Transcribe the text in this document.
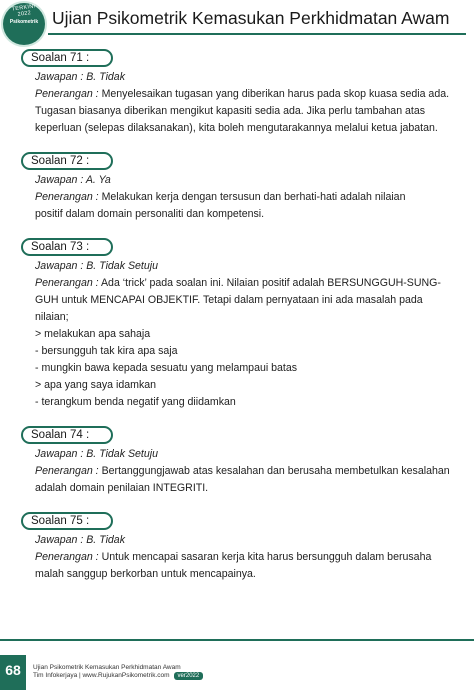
TERKINI 2022
Psikometrik Ujian Psikometrik Kemasukan Perkhidmatan Awam
Soalan 71 :
Jawapan : B. Tidak
Penerangan : Menyelesaikan tugasan yang diberikan harus pada skop kuasa sedia ada.
Tugasan biasanya diberikan mengikut kapasiti sedia ada. Jika perlu tambahan atas
keperluan (selepas dilaksanakan), kita boleh mengutarakannya melalui ketua jabatan.
Soalan 72 :
Jawapan : A. Ya
Penerangan : Melakukan kerja dengan tersusun dan berhati-hati adalah nilaian
positif dalam domain personaliti dan kompetensi.
Soalan 73 :
Jawapan : B. Tidak Setuju
Penerangan : Ada ‘trick’ pada soalan ini. Nilaian positif adalah BERSUNGGUH-SUNG-
GUH untuk MENCAPAI OBJEKTIF. Tetapi dalam pernyataan ini ada masalah pada
nilaian;
> melakukan apa sahaja
- bersungguh tak kira apa saja
- mungkin bawa kepada sesuatu yang melampaui batas
> apa yang saya idamkan
- terangkum benda negatif yang diidamkan
Soalan 74 :
Jawapan : B. Tidak Setuju
Penerangan : Bertanggungjawab atas kesalahan dan berusaha membetulkan kesalahan
adalah domain penilaian INTEGRITI.
Soalan 75 :
Jawapan : B. Tidak
Penerangan : Untuk mencapai sasaran kerja kita harus bersungguh dalam berusaha
malah sanggup berkorban untuk mencapainya.
68	Ujian Psikometrik Kemasukan Perkhidmatan Awam
Tim Infokerjaya | www.RujukanPsikometrik.com ver2022
